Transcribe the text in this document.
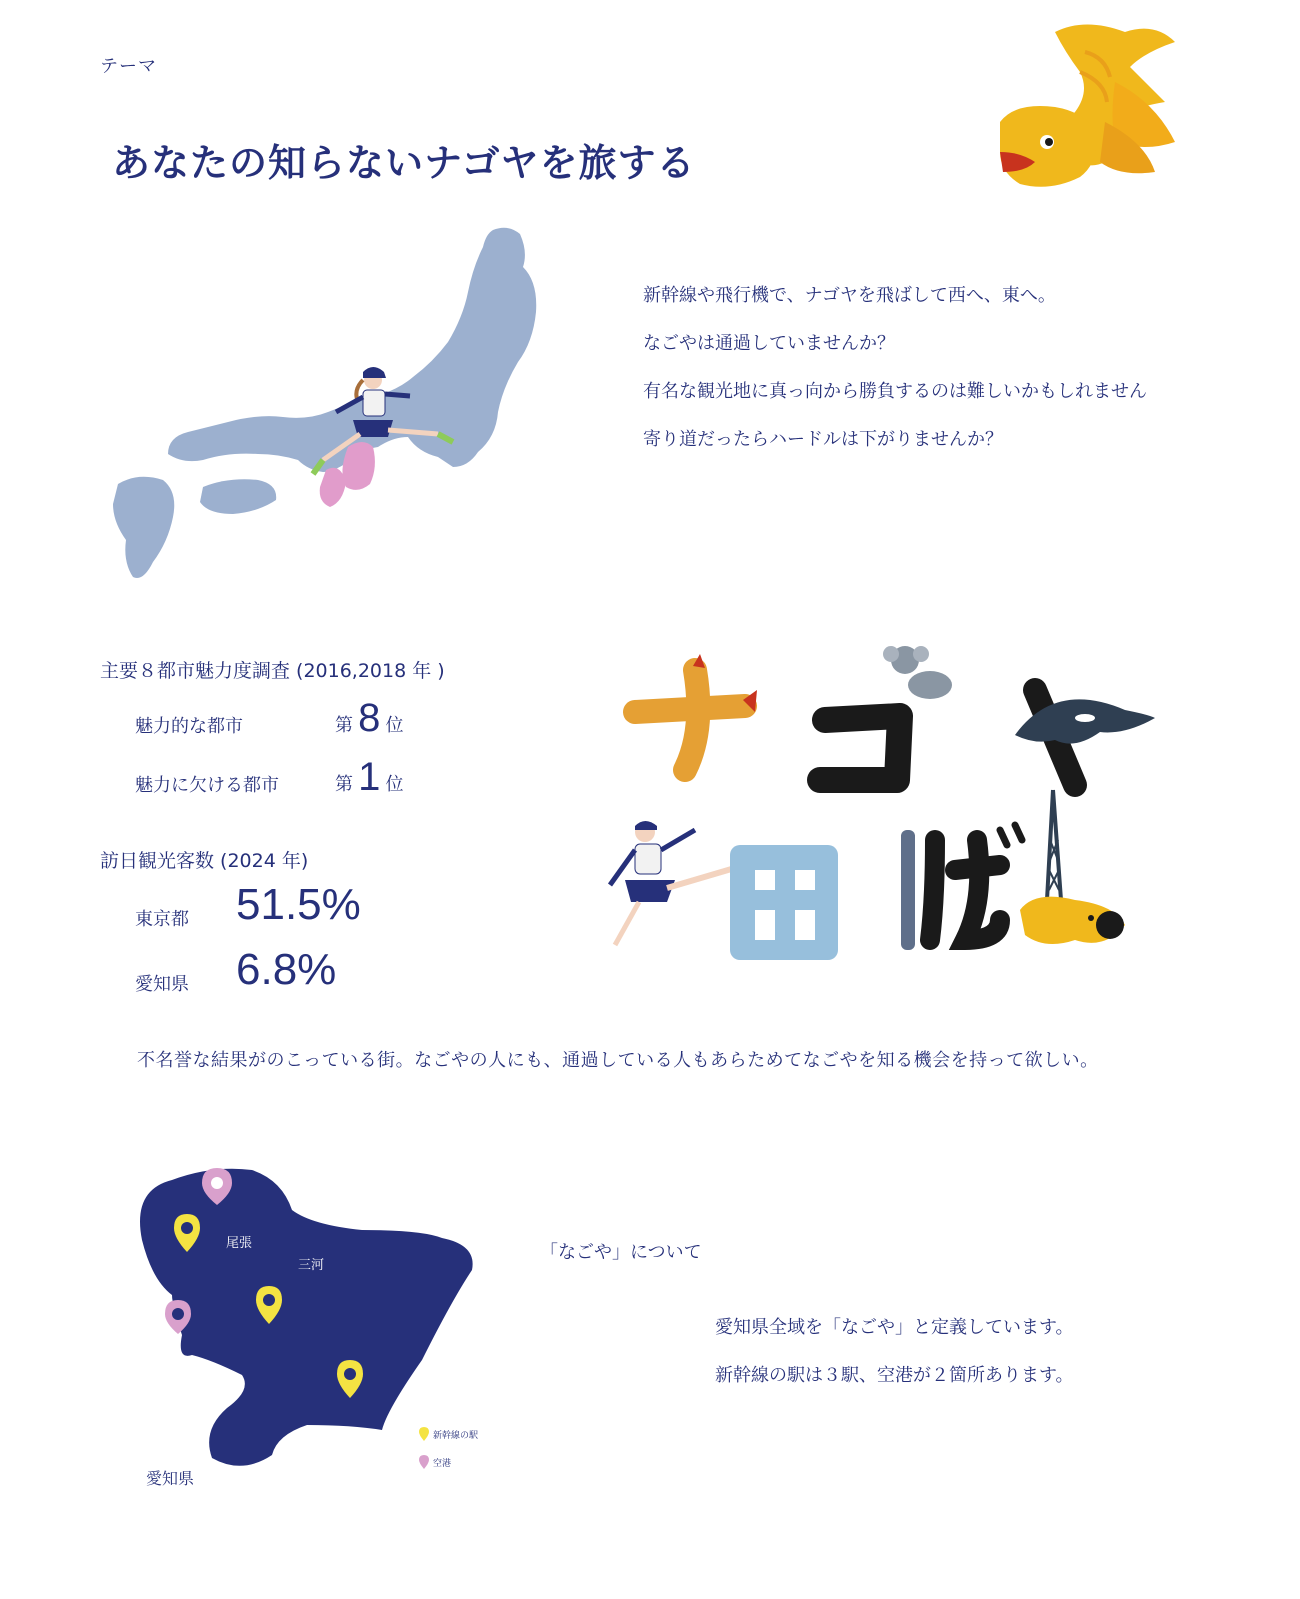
テーマ
あなたの知らないナゴヤを旅する
新幹線や飛行機で、ナゴヤを飛ばして西へ、東へ。
なごやは通過していませんか？
有名な観光地に真っ向から勝負するのは難しいかもしれません
寄り道だったらハードルは下がりませんか？
主要８都市魅力度調査 (2016,2018 年 )
魅力的な都市	第 8 位
魅力に欠ける都市	第 1 位
訪日観光客数 (2024 年)
東京都 51.5%
愛知県 6.8%
不名誉な結果がのこっている街。なごやの人にも、通過している人もあらためてなごやを知る機会を持って欲しい。
尾張
三河
愛知県
新幹線の駅
空港
「なごや」について
愛知県全域を「なごや」と定義しています。
新幹線の駅は３駅、空港が２箇所あります。
